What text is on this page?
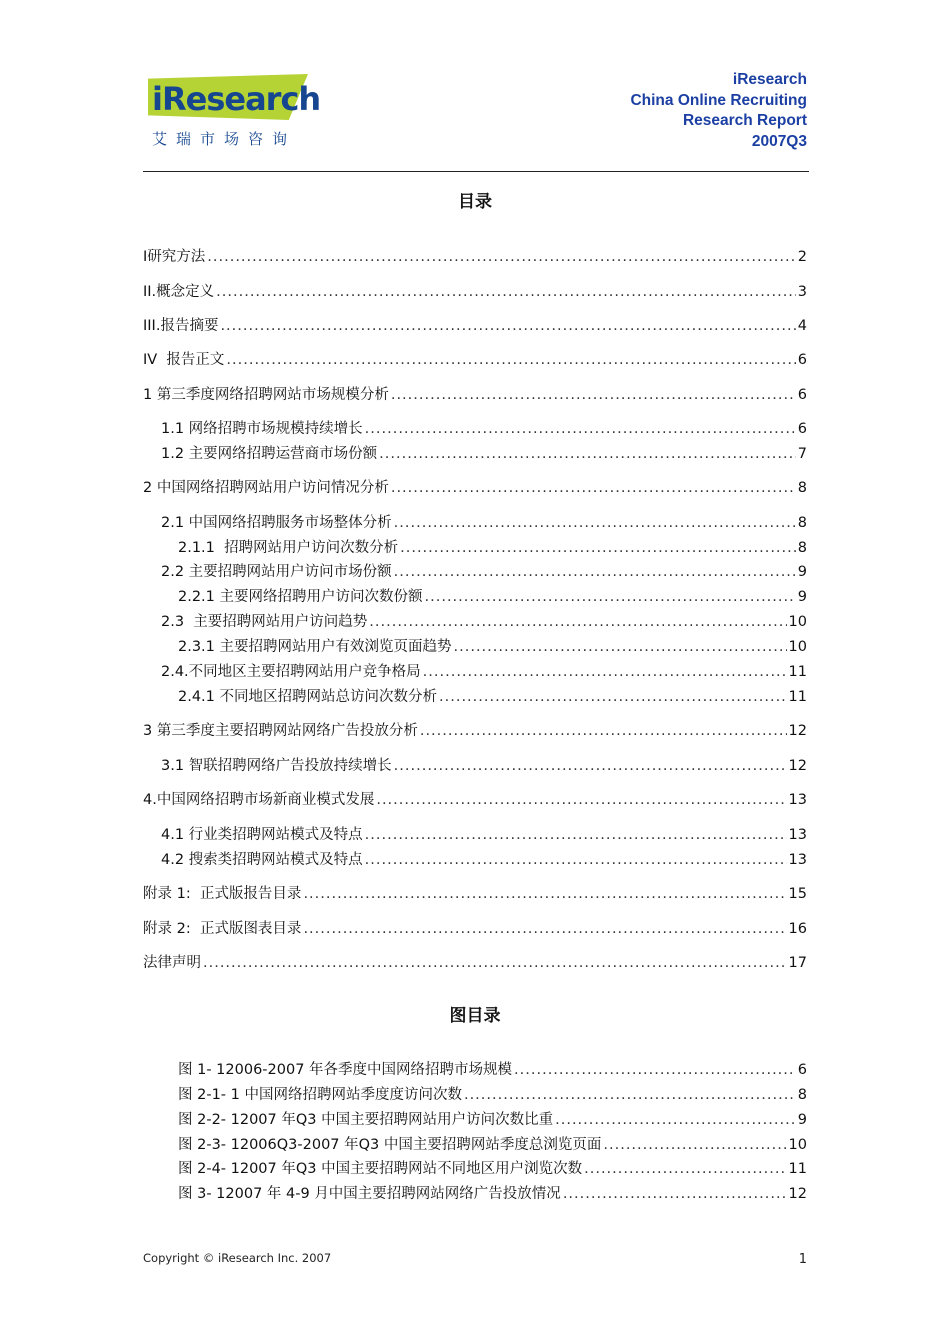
iResearch
艾瑞市场咨询
iResearch
China Online Recruiting
Research Report
2007Q3
目录
I研究方法 .....	2
II.概念定义 .....	3
III.报告摘要 .....	4
IV  报告正文 .....	6
1 第三季度网络招聘网站市场规模分析 .....	6
1.1 网络招聘市场规模持续增长 .....	6
1.2 主要网络招聘运营商市场份额 .....	7
2 中国网络招聘网站用户访问情况分析 .....	8
2.1 中国网络招聘服务市场整体分析 .....	8
2.1.1  招聘网站用户访问次数分析 .....	8
2.2 主要招聘网站用户访问市场份额 .....	9
2.2.1 主要网络招聘用户访问次数份额 .....	9
2.3  主要招聘网站用户访问趋势 .....	10
2.3.1 主要招聘网站用户有效浏览页面趋势 .....	10
2.4.不同地区主要招聘网站用户竞争格局 .....	11
2.4.1 不同地区招聘网站总访问次数分析 .....	11
3 第三季度主要招聘网站网络广告投放分析 .....	12
3.1 智联招聘网络广告投放持续增长 .....	12
4.中国网络招聘市场新商业模式发展 .....	13
4.1 行业类招聘网站模式及特点 .....	13
4.2 搜索类招聘网站模式及特点 .....	13
附录 1:  正式版报告目录 .....	15
附录 2:  正式版图表目录 .....	16
法律声明 .....	17
图目录
图 1- 12006-2007 年各季度中国网络招聘市场规模 .....	6
图 2-1- 1 中国网络招聘网站季度度访问次数 .....	8
图 2-2- 12007 年Q3 中国主要招聘网站用户访问次数比重 .....	9
图 2-3- 12006Q3-2007 年Q3 中国主要招聘网站季度总浏览页面 .....	10
图 2-4- 12007 年Q3 中国主要招聘网站不同地区用户浏览次数 .....	11
图 3- 12007 年 4-9 月中国主要招聘网站网络广告投放情况 .....	12
Copyright © iResearch Inc. 2007	1
